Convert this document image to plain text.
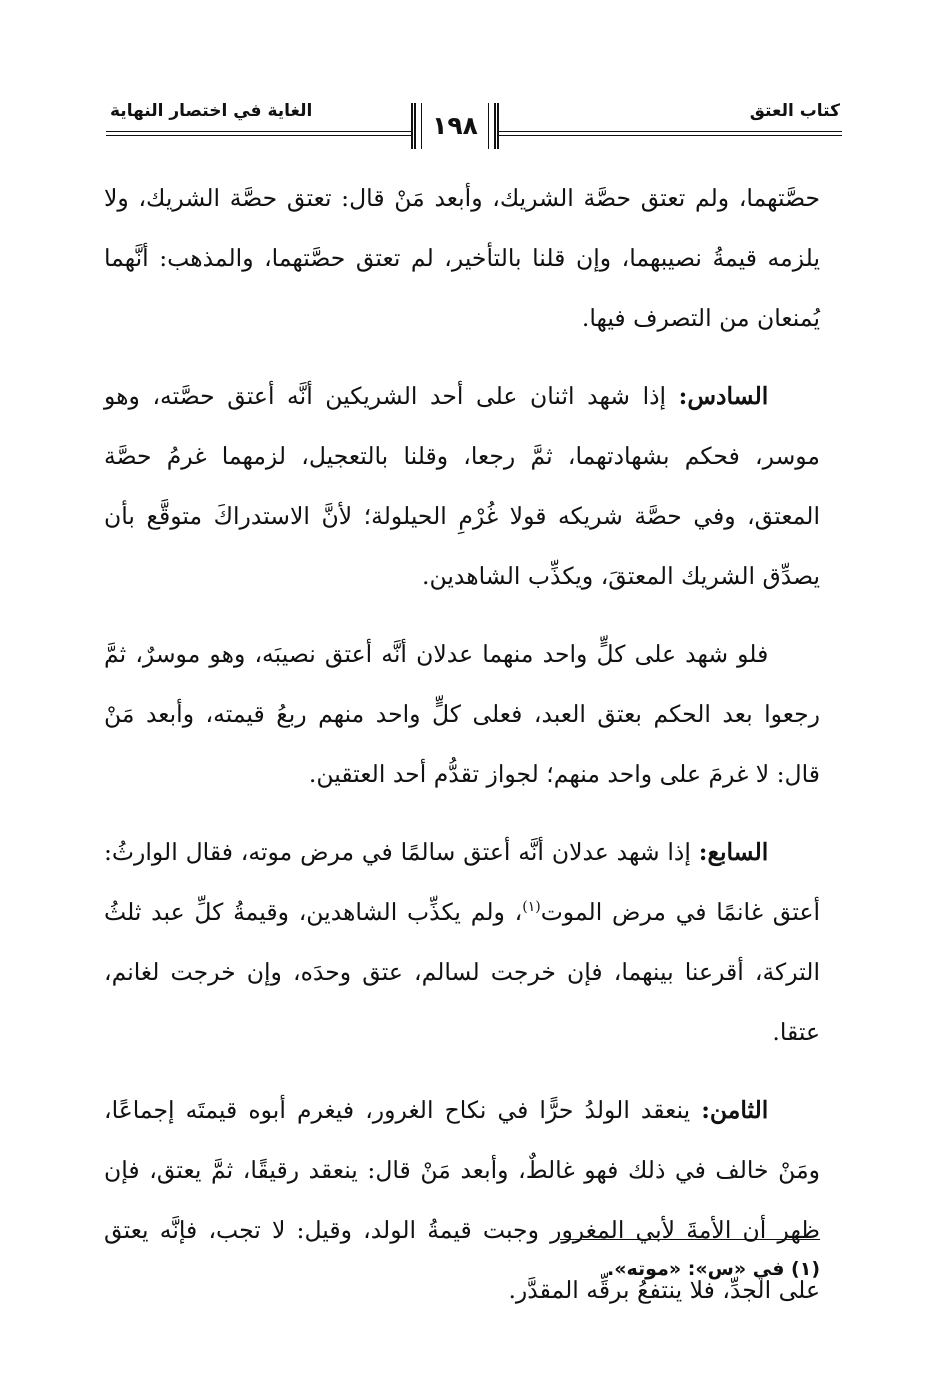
كتاب العتق
الغاية في اختصار النهاية	١٩٨

حصَّتهما، ولم تعتق حصَّة الشريك، وأبعد مَنْ قال: تعتق حصَّة الشريك، ولا يلزمه قيمةُ نصيبهما، وإن قلنا بالتأخير، لم تعتق حصَّتهما، والمذهب: أنَّهما يُمنعان من التصرف فيها.

السادس: إذا شهد اثنان على أحد الشريكين أنَّه أعتق حصَّته، وهو موسر، فحكم بشهادتهما، ثمَّ رجعا، وقلنا بالتعجيل، لزمهما غرمُ حصَّة المعتق، وفي حصَّة شريكه قولا غُرْمِ الحيلولة؛ لأنَّ الاستدراكَ متوقَّع بأن يصدِّق الشريك المعتقَ، ويكذِّب الشاهدين.

فلو شهد على كلٍّ واحد منهما عدلان أنَّه أعتق نصيبَه، وهو موسرٌ، ثمَّ رجعوا بعد الحكم بعتق العبد، فعلى كلٍّ واحد منهم ربعُ قيمته، وأبعد مَنْ قال: لا غرمَ على واحد منهم؛ لجواز تقدُّم أحد العتقين.

السابع: إذا شهد عدلان أنَّه أعتق سالمًا في مرض موته، فقال الوارثُ: أعتق غانمًا في مرض الموت$^{(١)}$، ولم يكذِّب الشاهدين، وقيمةُ كلِّ عبد ثلثُ التركة، أقرعنا بينهما، فإن خرجت لسالم، عتق وحدَه، وإن خرجت لغانم، عتقا.

الثامن: ينعقد الولدُ حرًّا في نكاح الغرور، فيغرم أبوه قيمتَه إجماعًا، ومَنْ خالف في ذلك فهو غالطٌ، وأبعد مَنْ قال: ينعقد رقيقًا، ثمَّ يعتق، فإن ظهر أن الأمةَ لأبي المغرور وجبت قيمةُ الولد، وقيل: لا تجب، فإنَّه يعتق على الجدِّ، فلا ينتفعُ برقِّه المقدَّر.

(١) في «س»: «موته».
